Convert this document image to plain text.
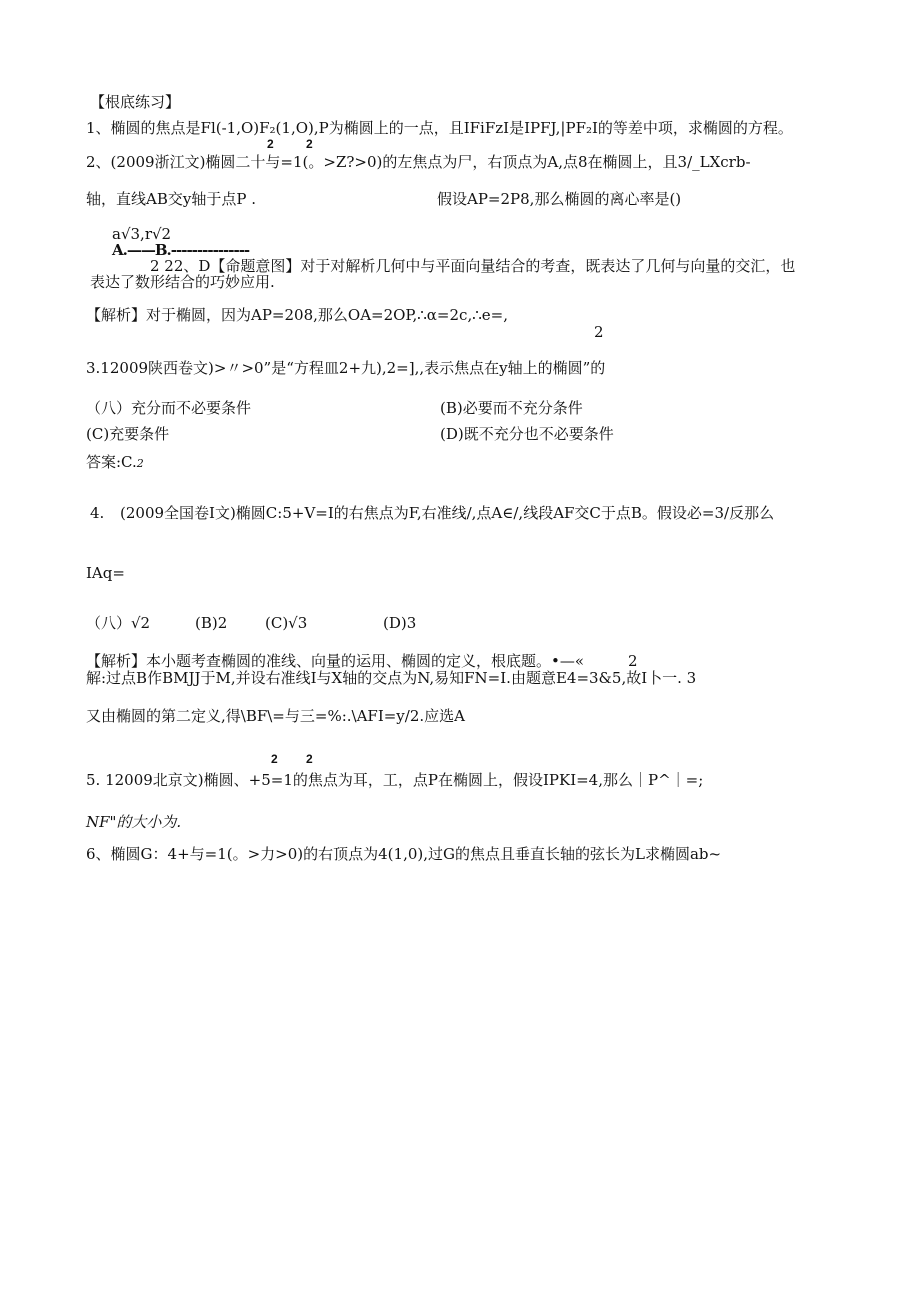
【根底练习】
1、椭圆的焦点是Fl(-1,O)F₂(1,O),P为椭圆上的一点，且IFiFzI是IPFJ,|PF₂I的等差中项，求椭圆的方程。
2	2
2、(2009浙江文)椭圆二十与=1(。>Z?>0)的左焦点为尸，右顶点为A,点8在椭圆上，且3/_LXcrb-
轴，直线AB交y轴于点P .	假设AP=2P8,那么椭圆的离心率是()
a√3,r√2
A.——B.---------------
2 22、D【命题意图】对于对解析几何中与平面向量结合的考查，既表达了几何与向量的交汇，也
表达了数形结合的巧妙应用.
【解析】对于椭圆，因为AP=208,那么OA=2OP,∴α=2c,∴e=,
2
3.12009陕西卷文)>〃>0”是“方程皿2+九),2=],,表示焦点在y轴上的椭圆”的
（八）充分而不必要条件	(B)必要而不充分条件
(C)充要条件	(D)既不充分也不必要条件
答案:C.2
4. (2009全国卷I文)椭圆C:5+V=I的右焦点为F,右准线/,点A∈/,线段AF交C于点B。假设必=3/反那么
IAq=
（八）√2	(B)2	(C)√3	(D)3
【解析】本小题考查椭圆的准线、向量的运用、椭圆的定义，根底题。•—«	2
解:过点B作BMJJ于M,并设右准线I与X轴的交点为N,易知FN=I.由题意E4=3&5,故I卜一. 3
又由椭圆的第二定义,得\BF\=与三=%:.\AFI=y/2.应选A
2 2
5. 12009北京文)椭圆、+5=1的焦点为耳，工，点P在椭圆上，假设IPKI=4,那么｜P^｜=;
NF"的大小为.
6、椭圆G：4+与=1(。>力>0)的右顶点为4(1,0),过G的焦点且垂直长轴的弦长为L求椭圆ab~
